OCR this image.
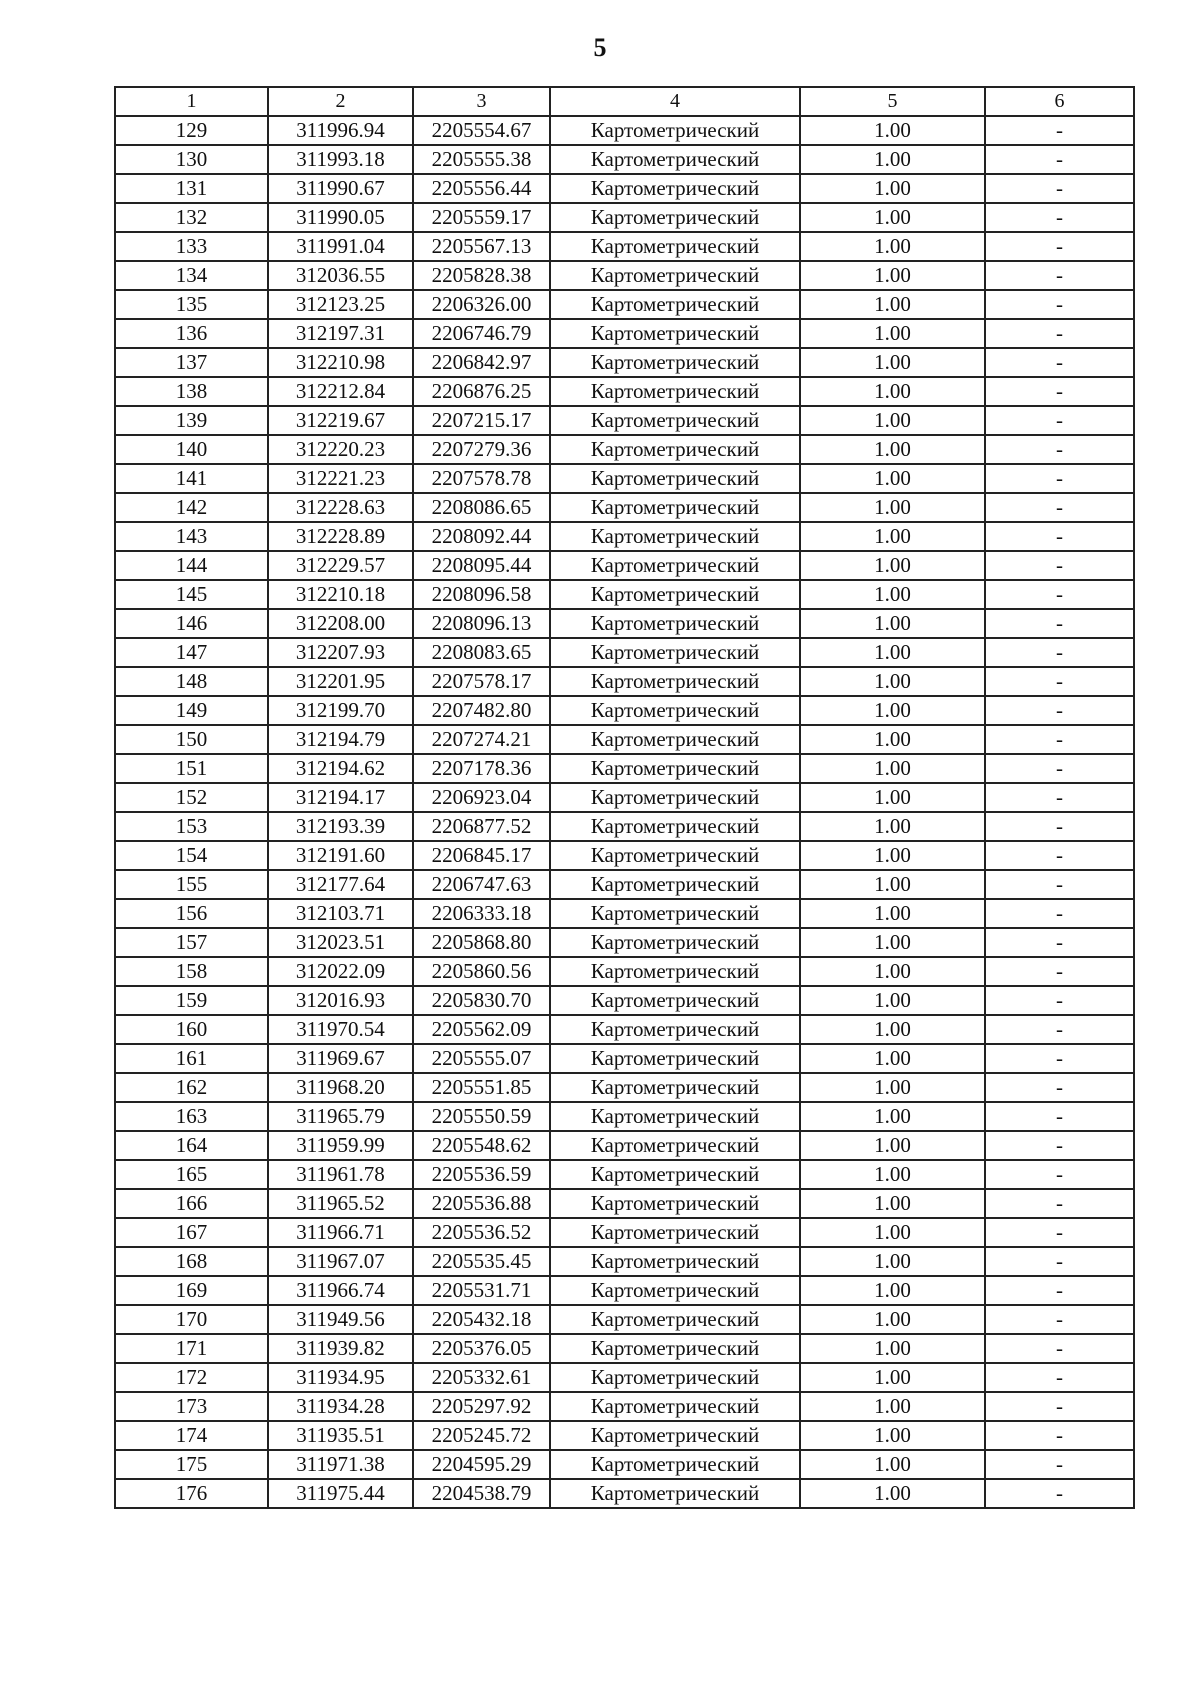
5
1	2	3	4	5	6
129	311996.94	2205554.67	Картометрический	1.00	-
130	311993.18	2205555.38	Картометрический	1.00	-
131	311990.67	2205556.44	Картометрический	1.00	-
132	311990.05	2205559.17	Картометрический	1.00	-
133	311991.04	2205567.13	Картометрический	1.00	-
134	312036.55	2205828.38	Картометрический	1.00	-
135	312123.25	2206326.00	Картометрический	1.00	-
136	312197.31	2206746.79	Картометрический	1.00	-
137	312210.98	2206842.97	Картометрический	1.00	-
138	312212.84	2206876.25	Картометрический	1.00	-
139	312219.67	2207215.17	Картометрический	1.00	-
140	312220.23	2207279.36	Картометрический	1.00	-
141	312221.23	2207578.78	Картометрический	1.00	-
142	312228.63	2208086.65	Картометрический	1.00	-
143	312228.89	2208092.44	Картометрический	1.00	-
144	312229.57	2208095.44	Картометрический	1.00	-
145	312210.18	2208096.58	Картометрический	1.00	-
146	312208.00	2208096.13	Картометрический	1.00	-
147	312207.93	2208083.65	Картометрический	1.00	-
148	312201.95	2207578.17	Картометрический	1.00	-
149	312199.70	2207482.80	Картометрический	1.00	-
150	312194.79	2207274.21	Картометрический	1.00	-
151	312194.62	2207178.36	Картометрический	1.00	-
152	312194.17	2206923.04	Картометрический	1.00	-
153	312193.39	2206877.52	Картометрический	1.00	-
154	312191.60	2206845.17	Картометрический	1.00	-
155	312177.64	2206747.63	Картометрический	1.00	-
156	312103.71	2206333.18	Картометрический	1.00	-
157	312023.51	2205868.80	Картометрический	1.00	-
158	312022.09	2205860.56	Картометрический	1.00	-
159	312016.93	2205830.70	Картометрический	1.00	-
160	311970.54	2205562.09	Картометрический	1.00	-
161	311969.67	2205555.07	Картометрический	1.00	-
162	311968.20	2205551.85	Картометрический	1.00	-
163	311965.79	2205550.59	Картометрический	1.00	-
164	311959.99	2205548.62	Картометрический	1.00	-
165	311961.78	2205536.59	Картометрический	1.00	-
166	311965.52	2205536.88	Картометрический	1.00	-
167	311966.71	2205536.52	Картометрический	1.00	-
168	311967.07	2205535.45	Картометрический	1.00	-
169	311966.74	2205531.71	Картометрический	1.00	-
170	311949.56	2205432.18	Картометрический	1.00	-
171	311939.82	2205376.05	Картометрический	1.00	-
172	311934.95	2205332.61	Картометрический	1.00	-
173	311934.28	2205297.92	Картометрический	1.00	-
174	311935.51	2205245.72	Картометрический	1.00	-
175	311971.38	2204595.29	Картометрический	1.00	-
176	311975.44	2204538.79	Картометрический	1.00	-
